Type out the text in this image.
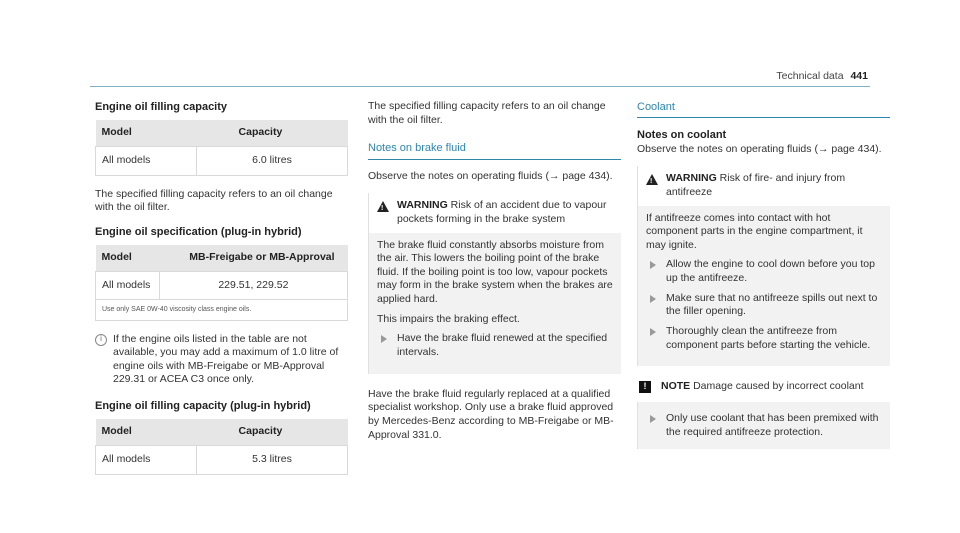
Technical data 441
Engine oil filling capacity
Model	Capacity
All models	6.0 litres
The specified filling capacity refers to an oil change with the oil filter.
Engine oil specification (plug-in hybrid)
Model	MB-Freigabe or MB-Approval
All models	229.51, 229.52
Use only SAE 0W-40 viscosity class engine oils.	
i	If the engine oils listed in the table are not available, you may add a maximum of 1.0 litre of engine oils with MB-Freigabe or MB-Approval 229.31 or ACEA C3 once only.
Engine oil filling capacity (plug-in hybrid)
Model	Capacity
All models	5.3 litres
The specified filling capacity refers to an oil change with the oil filter.
Notes on brake fluid
Observe the notes on operating fluids (→ page 434).
! WARNING Risk of an accident due to vapour pockets forming in the brake system
The brake fluid constantly absorbs moisture from the air. This lowers the boiling point of the brake fluid. If the boiling point is too low, vapour pockets may form in the brake system when the brakes are applied hard.
This impairs the braking effect.
Have the brake fluid renewed at the specified intervals.
Have the brake fluid regularly replaced at a qualified specialist workshop. Only use a brake fluid approved by Mercedes-Benz according to MB-Freigabe or MB-Approval 331.0.
Coolant
Notes on coolant
Observe the notes on operating fluids (→ page 434).
! WARNING Risk of fire- and injury from antifreeze
If antifreeze comes into contact with hot component parts in the engine compartment, it may ignite.
Allow the engine to cool down before you top up the antifreeze.
Make sure that no antifreeze spills out next to the filler opening.
Thoroughly clean the antifreeze from component parts before starting the vehicle.
!	NOTE Damage caused by incorrect coolant
Only use coolant that has been premixed with the required antifreeze protection.
